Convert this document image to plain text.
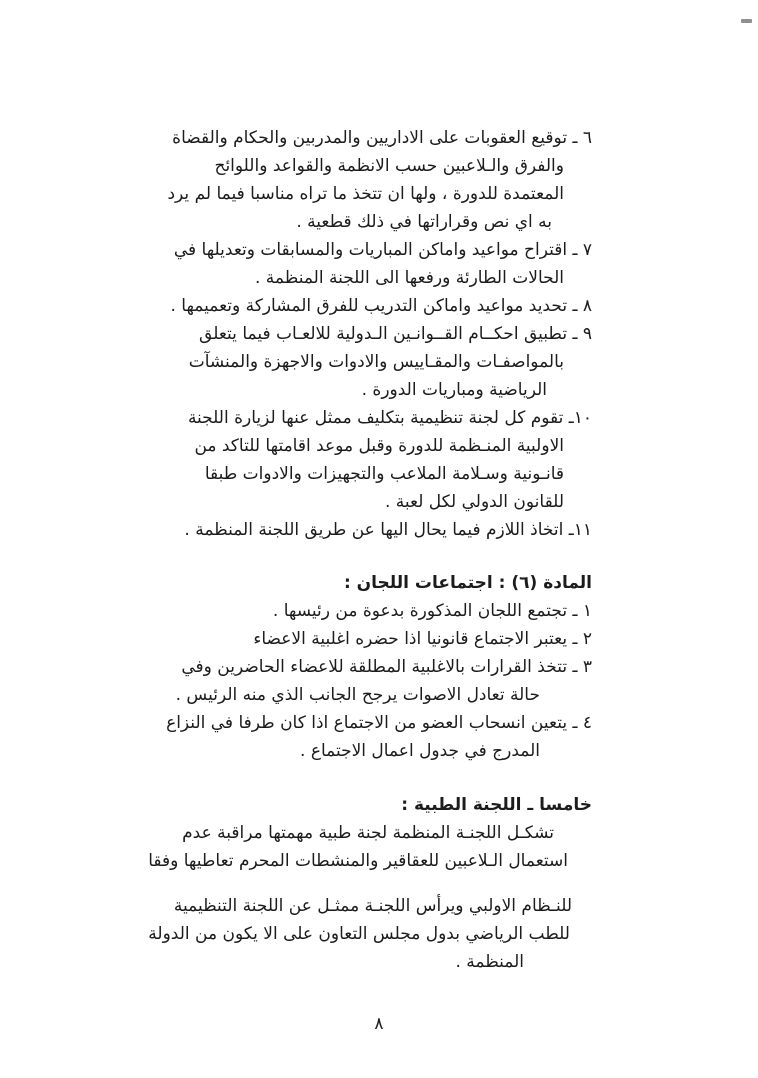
٦ ـ توقيع العقوبات على الاداريين والمدربين والحكام والقضاة
والفرق والـلاعبين حسب الانظمة والقواعد واللوائح
المعتمدة للدورة ، ولها ان تتخذ ما تراه مناسبا فيما لم يرد
به اي نص وقراراتها في ذلك قطعية .
٧ ـ اقتراح مواعيد واماكن المباريات والمسابقات وتعديلها في
الحالات الطارئة ورفعها الى اللجنة المنظمة .
٨ ـ تحديد مواعيد واماكن التدريب للفرق المشاركة وتعميمها .
٩ ـ تطبيق احكــام القــوانـين الـدولية للالعـاب فيما يتعلق
بالمواصفـات والمقـاييس والادوات والاجهزة والمنشآت
الرياضية ومباريات الدورة .
١٠ـ تقوم كل لجنة تنظيمية بتكليف ممثل عنها لزيارة اللجنة
الاولبية المنـظمة للدورة وقبل موعد اقامتها للتاكد من
قانـونية وسـلامة الملاعب والتجهيزات والادوات طبقا
للقانون الدولي لكل لعبة .
١١ـ اتخاذ اللازم فيما يحال اليها عن طريق اللجنة المنظمة .
المادة (٦) : اجتماعات اللجان :
١ ـ تجتمع اللجان المذكورة بدعوة من رئيسها .
٢ ـ يعتبر الاجتماع قانونيا اذا حضره اغلبية الاعضاء
٣ ـ تتخذ القرارات بالاغلبية المطلقة للاعضاء الحاضرين وفي
حالة تعادل الاصوات يرجح الجانب الذي منه الرئيس .
٤ ـ يتعين انسحاب العضو من الاجتماع اذا كان طرفا في النزاع
المدرج في جدول اعمال الاجتماع .
خامسا ـ اللجنة الطبية :
تشكـل اللجنـة المنظمة لجنة طبية مهمتها مراقبة عدم
استعمال الـلاعبين للعقاقير والمنشطات المحرم تعاطيها وفقا
للنـظام الاولبي ويرأس اللجنـة ممثـل عن اللجنة التنظيمية
للطب الرياضي بدول مجلس التعاون على الا يكون من الدولة
المنظمة .
٨
